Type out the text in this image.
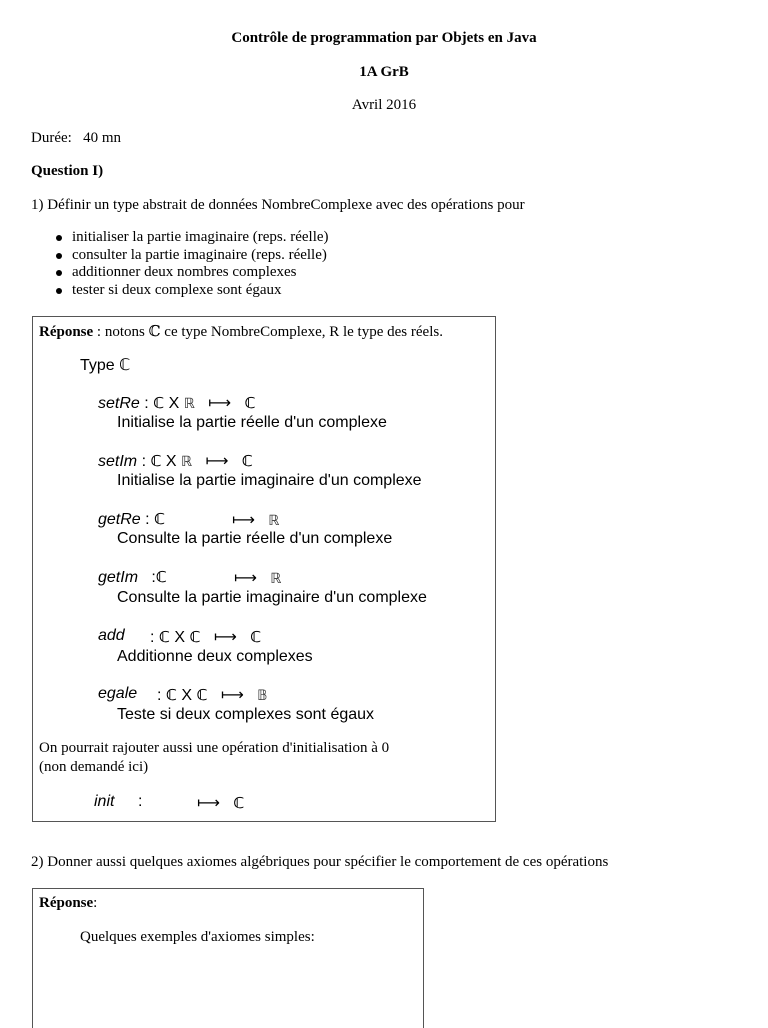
Contrôle de programmation par Objets en Java
1A GrB
Avril 2016
Durée: 40 mn
Question I)
1) Définir un type abstrait de données NombreComplexe avec des opérations pour
initialiser la partie imaginaire (reps. réelle)
consulter la partie imaginaire (reps. réelle)
additionner deux nombres complexes
tester si deux complexe sont égaux
Réponse : notons ℂ ce type NombreComplexe, R le type des réels.
Type ℂ
setRe : ℂ X ℝ ⟼ ℂ
Initialise la partie réelle d'un complexe
setIm : ℂ X ℝ ⟼ ℂ
Initialise la partie imaginaire d'un complexe
getRe : ℂ	⟼ ℝ
Consulte la partie réelle d'un complexe
getIm   :ℂ	⟼ ℝ
Consulte la partie imaginaire d'un complexe
add : ℂ X ℂ ⟼ ℂ
Additionne deux complexes
egale : ℂ X ℂ ⟼ 𝔹
Teste si deux complexes sont égaux
On pourrait rajouter aussi une opération d'initialisation à 0
(non demandé ici)
init :	⟼ ℂ
2) Donner aussi quelques axiomes algébriques pour spécifier le comportement de ces opérations
Réponse:
Quelques exemples d'axiomes simples:
